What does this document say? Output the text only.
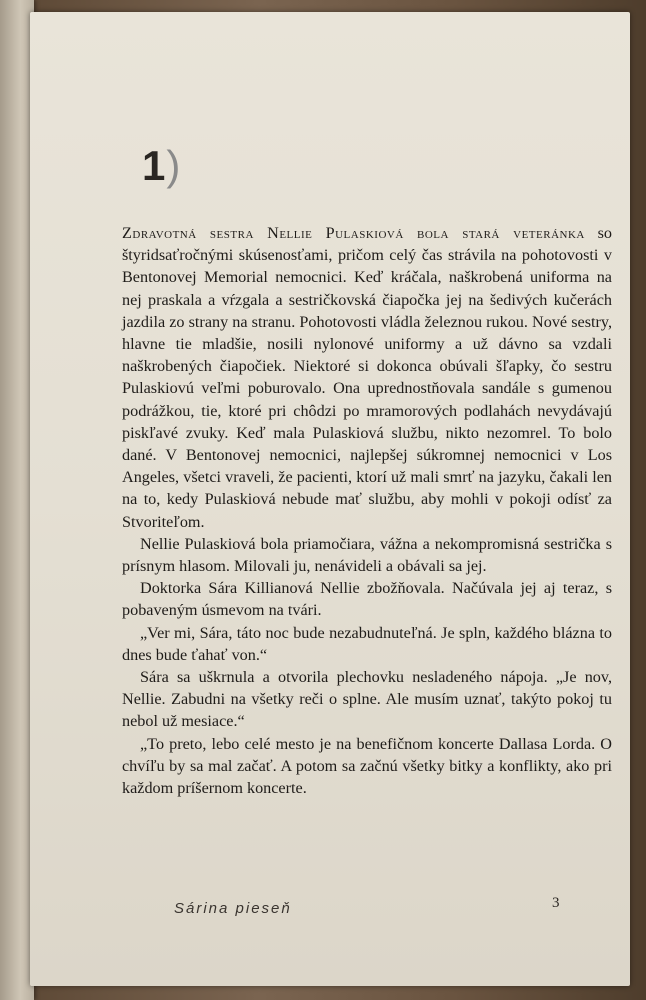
1)

Zdravotná sestra Nellie Pulaskiová bola stará veteránka so štyridsaťročnými skúsenosťami, pričom celý čas strávila na pohotovosti v Bentonovej Memorial nemocnici. Keď kráčala, naškrobená uniforma na nej praskala a vŕzgala a sestričkovská čiapočka jej na šedivých kučerách jazdila zo strany na stranu. Pohotovosti vládla železnou rukou. Nové sestry, hlavne tie mladšie, nosili nylonové uniformy a už dávno sa vzdali naškrobených čiapočiek. Niektoré si dokonca obúvali šľapky, čo sestru Pulaskiovú veľmi poburovalo. Ona uprednostňovala sandále s gumenou podrážkou, tie, ktoré pri chôdzi po mramorových podlahách nevydávajú piskľavé zvuky. Keď mala Pulaskiová službu, nikto nezomrel. To bolo dané. V Bentonovej nemocnici, najlepšej súkromnej nemocnici v Los Angeles, všetci vraveli, že pacienti, ktorí už mali smrť na jazyku, čakali len na to, kedy Pulaskiová nebude mať službu, aby mohli v pokoji odísť za Stvoriteľom.

Nellie Pulaskiová bola priamočiara, vážna a nekompromisná sestrička s prísnym hlasom. Milovali ju, nenávideli a obávali sa jej.

Doktorka Sára Killianová Nellie zbožňovala. Načúvala jej aj teraz, s pobaveným úsmevom na tvári.

„Ver mi, Sára, táto noc bude nezabudnuteľná. Je spln, každého blázna to dnes bude ťahať von.“

Sára sa uškrnula a otvorila plechovku nesladeného nápoja. „Je nov, Nellie. Zabudni na všetky reči o splne. Ale musím uznať, takýto pokoj tu nebol už mesiace.“

„To preto, lebo celé mesto je na benefičnom koncerte Dallasa Lorda. O chvíľu by sa mal začať. A potom sa začnú všetky bitky a konflikty, ako pri každom príšernom koncerte.

Sárina pieseň	3
